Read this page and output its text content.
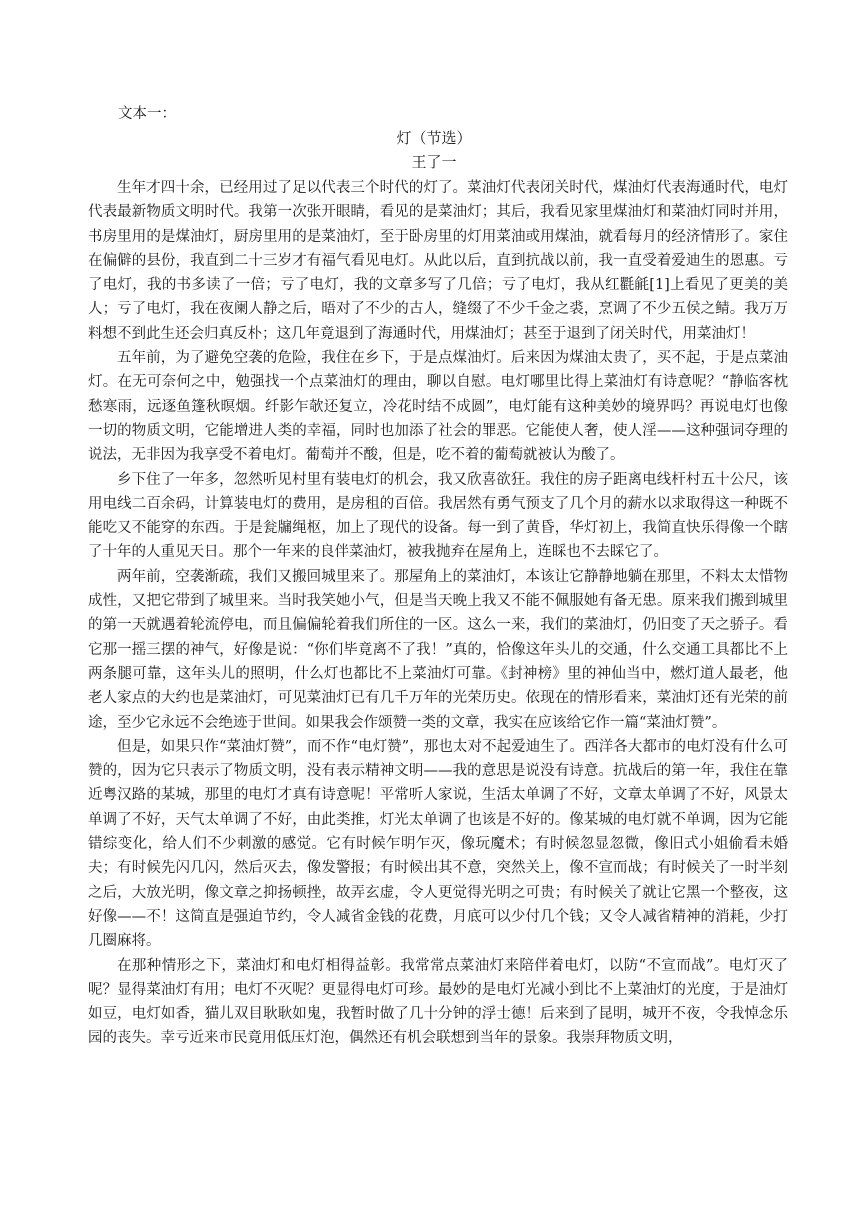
文本一：

灯（节选）

王了一

生年才四十余，已经用过了足以代表三个时代的灯了。菜油灯代表闭关时代，煤油灯代表海通时代，电灯代表最新物质文明时代。我第一次张开眼睛，看见的是菜油灯；其后，我看见家里煤油灯和菜油灯同时并用，书房里用的是煤油灯，厨房里用的是菜油灯，至于卧房里的灯用菜油或用煤油，就看每月的经济情形了。家住在偏僻的县份，我直到二十三岁才有福气看见电灯。从此以后，直到抗战以前，我一直受着爱迪生的恩惠。亏了电灯，我的书多读了一倍；亏了电灯，我的文章多写了几倍；亏了电灯，我从红氍毹[1]上看见了更美的美人；亏了电灯，我在夜阑人静之后，晤对了不少的古人，缝缀了不少千金之裘，烹调了不少五侯之鲭。我万万料想不到此生还会归真反朴；这几年竟退到了海通时代，用煤油灯；甚至于退到了闭关时代，用菜油灯！

五年前，为了避免空袭的危险，我住在乡下，于是点煤油灯。后来因为煤油太贵了，买不起，于是点菜油灯。在无可奈何之中，勉强找一个点菜油灯的理由，聊以自慰。电灯哪里比得上菜油灯有诗意呢？“静临客枕愁寒雨，远逐鱼篷秋暝烟。纤影乍欹还复立，冷花时结不成圆”，电灯能有这种美妙的境界吗？再说电灯也像一切的物质文明，它能增进人类的幸福，同时也加添了社会的罪恶。它能使人奢，使人淫——这种强词夺理的说法，无非因为我享受不着电灯。葡萄并不酸，但是，吃不着的葡萄就被认为酸了。

乡下住了一年多，忽然听见村里有装电灯的机会，我又欣喜欲狂。我住的房子距离电线杆村五十公尺，该用电线二百余码，计算装电灯的费用，是房租的百倍。我居然有勇气预支了几个月的薪水以求取得这一种既不能吃又不能穿的东西。于是瓮牖绳枢，加上了现代的设备。每一到了黄昏，华灯初上，我简直快乐得像一个瞎了十年的人重见天日。那个一年来的良伴菜油灯，被我抛弃在屋角上，连睬也不去睬它了。

两年前，空袭渐疏，我们又搬回城里来了。那屋角上的菜油灯，本该让它静静地躺在那里，不料太太惜物成性，又把它带到了城里来。当时我笑她小气，但是当天晚上我又不能不佩服她有备无患。原来我们搬到城里的第一天就遇着轮流停电，而且偏偏轮着我们所住的一区。这么一来，我们的菜油灯，仍旧变了天之骄子。看它那一摇三摆的神气，好像是说：“你们毕竟离不了我！”真的，恰像这年头儿的交通，什么交通工具都比不上两条腿可靠，这年头儿的照明，什么灯也都比不上菜油灯可靠。《封神榜》里的神仙当中，燃灯道人最老，他老人家点的大约也是菜油灯，可见菜油灯已有几千万年的光荣历史。依现在的情形看来，菜油灯还有光荣的前途，至少它永远不会绝迹于世间。如果我会作颂赞一类的文章，我实在应该给它作一篇“菜油灯赞”。

但是，如果只作“菜油灯赞”，而不作“电灯赞”，那也太对不起爱迪生了。西洋各大都市的电灯没有什么可赞的，因为它只表示了物质文明，没有表示精神文明——我的意思是说没有诗意。抗战后的第一年，我住在靠近粤汉路的某城，那里的电灯才真有诗意呢！平常听人家说，生活太单调了不好，文章太单调了不好，风景太单调了不好，天气太单调了不好，由此类推，灯光太单调了也该是不好的。像某城的电灯就不单调，因为它能错综变化，给人们不少刺激的感觉。它有时候乍明乍灭，像玩魔术；有时候忽显忽微，像旧式小姐偷看未婚夫；有时候先闪几闪，然后灭去，像发警报；有时候出其不意，突然关上，像不宣而战；有时候关了一时半刻之后，大放光明，像文章之抑扬顿挫，故弄玄虚，令人更觉得光明之可贵；有时候关了就让它黑一个整夜，这好像——不！这简直是强迫节约，令人减省金钱的花费，月底可以少付几个钱；又令人减省精神的消耗，少打几圈麻将。

在那种情形之下，菜油灯和电灯相得益彰。我常常点菜油灯来陪伴着电灯，以防“不宣而战”。电灯灭了呢？显得菜油灯有用；电灯不灭呢？更显得电灯可珍。最妙的是电灯光减小到比不上菜油灯的光度，于是油灯如豆，电灯如香，猫儿双目耿耿如鬼，我暂时做了几十分钟的浮士德！后来到了昆明，城开不夜，令我悼念乐园的丧失。幸亏近来市民竟用低压灯泡，偶然还有机会联想到当年的景象。我崇拜物质文明，
